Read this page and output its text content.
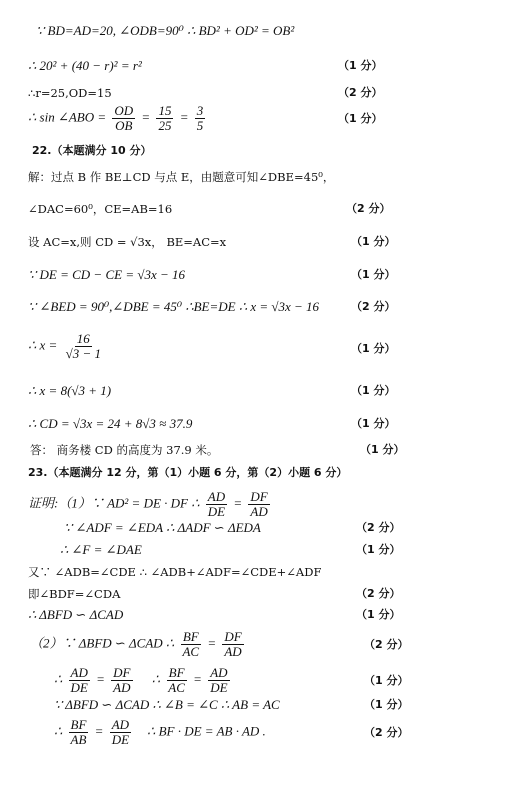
∵ BD=AD=20, ∠ODB=90⁰ ∴ BD² + OD² = OB²
∴ 20² + (40 − r)² = r²	（1 分）
∴r=25,OD=15	（2 分）
∴ sin ∠ABO = $\frac{OD}{OB} = \frac{15}{25} = \frac{3}{5}$	（1 分）
22.（本题满分 10 分）
解：过点 B 作 BE⊥CD 与点 E，由题意可知∠DBE=45⁰，
∠DAC=60⁰，CE=AB=16	（2 分）
设 AC=x,则 CD = √3x， BE=AC=x	（1 分）
∵ DE = CD − CE = √3x − 16	（1 分）
∵ ∠BED = 90⁰,∠DBE = 45⁰ ∴BE=DE ∴ x = √3x − 16	（2 分）
∴ $x = \frac{16}{√3 - 1}$	（1 分）
∴ x = 8(√3 + 1)	（1 分）
∴ CD = √3x = 24 + 8√3 ≈ 37.9	（1 分）
答： 商务楼 CD 的高度为 37.9 米。	（1 分）
23.（本题满分 12 分，第（1）小题 6 分，第（2）小题 6 分）
证明:（1）∵ AD² = DE · DF ∴ $\frac{AD}{DE} = \frac{DF}{AD}$
∵ ∠ADF = ∠EDA ∴ ΔADF ∽ ΔEDA	（2 分）
∴ ∠F = ∠DAE	（1 分）
又∵ ∠ADB=∠CDE ∴ ∠ADB+∠ADF=∠CDE+∠ADF
即∠BDF=∠CDA	（2 分）
∴ ΔBFD ∽ ΔCAD	（1 分）
（2）∵ ΔBFD ∽ ΔCAD ∴ $\frac{BF}{AC} = \frac{DF}{AD}$	（2 分）
∴ $\frac{AD}{DE} = \frac{DF}{AD}$ ∴ $\frac{BF}{AC} = \frac{AD}{DE}$	（1 分）
∵ ΔBFD ∽ ΔCAD ∴ ∠B = ∠C ∴ AB = AC	（1 分）
∴ $\frac{BF}{AB} = \frac{AD}{DE}$ ∴ BF · DE = AB · AD .	（2 分）
